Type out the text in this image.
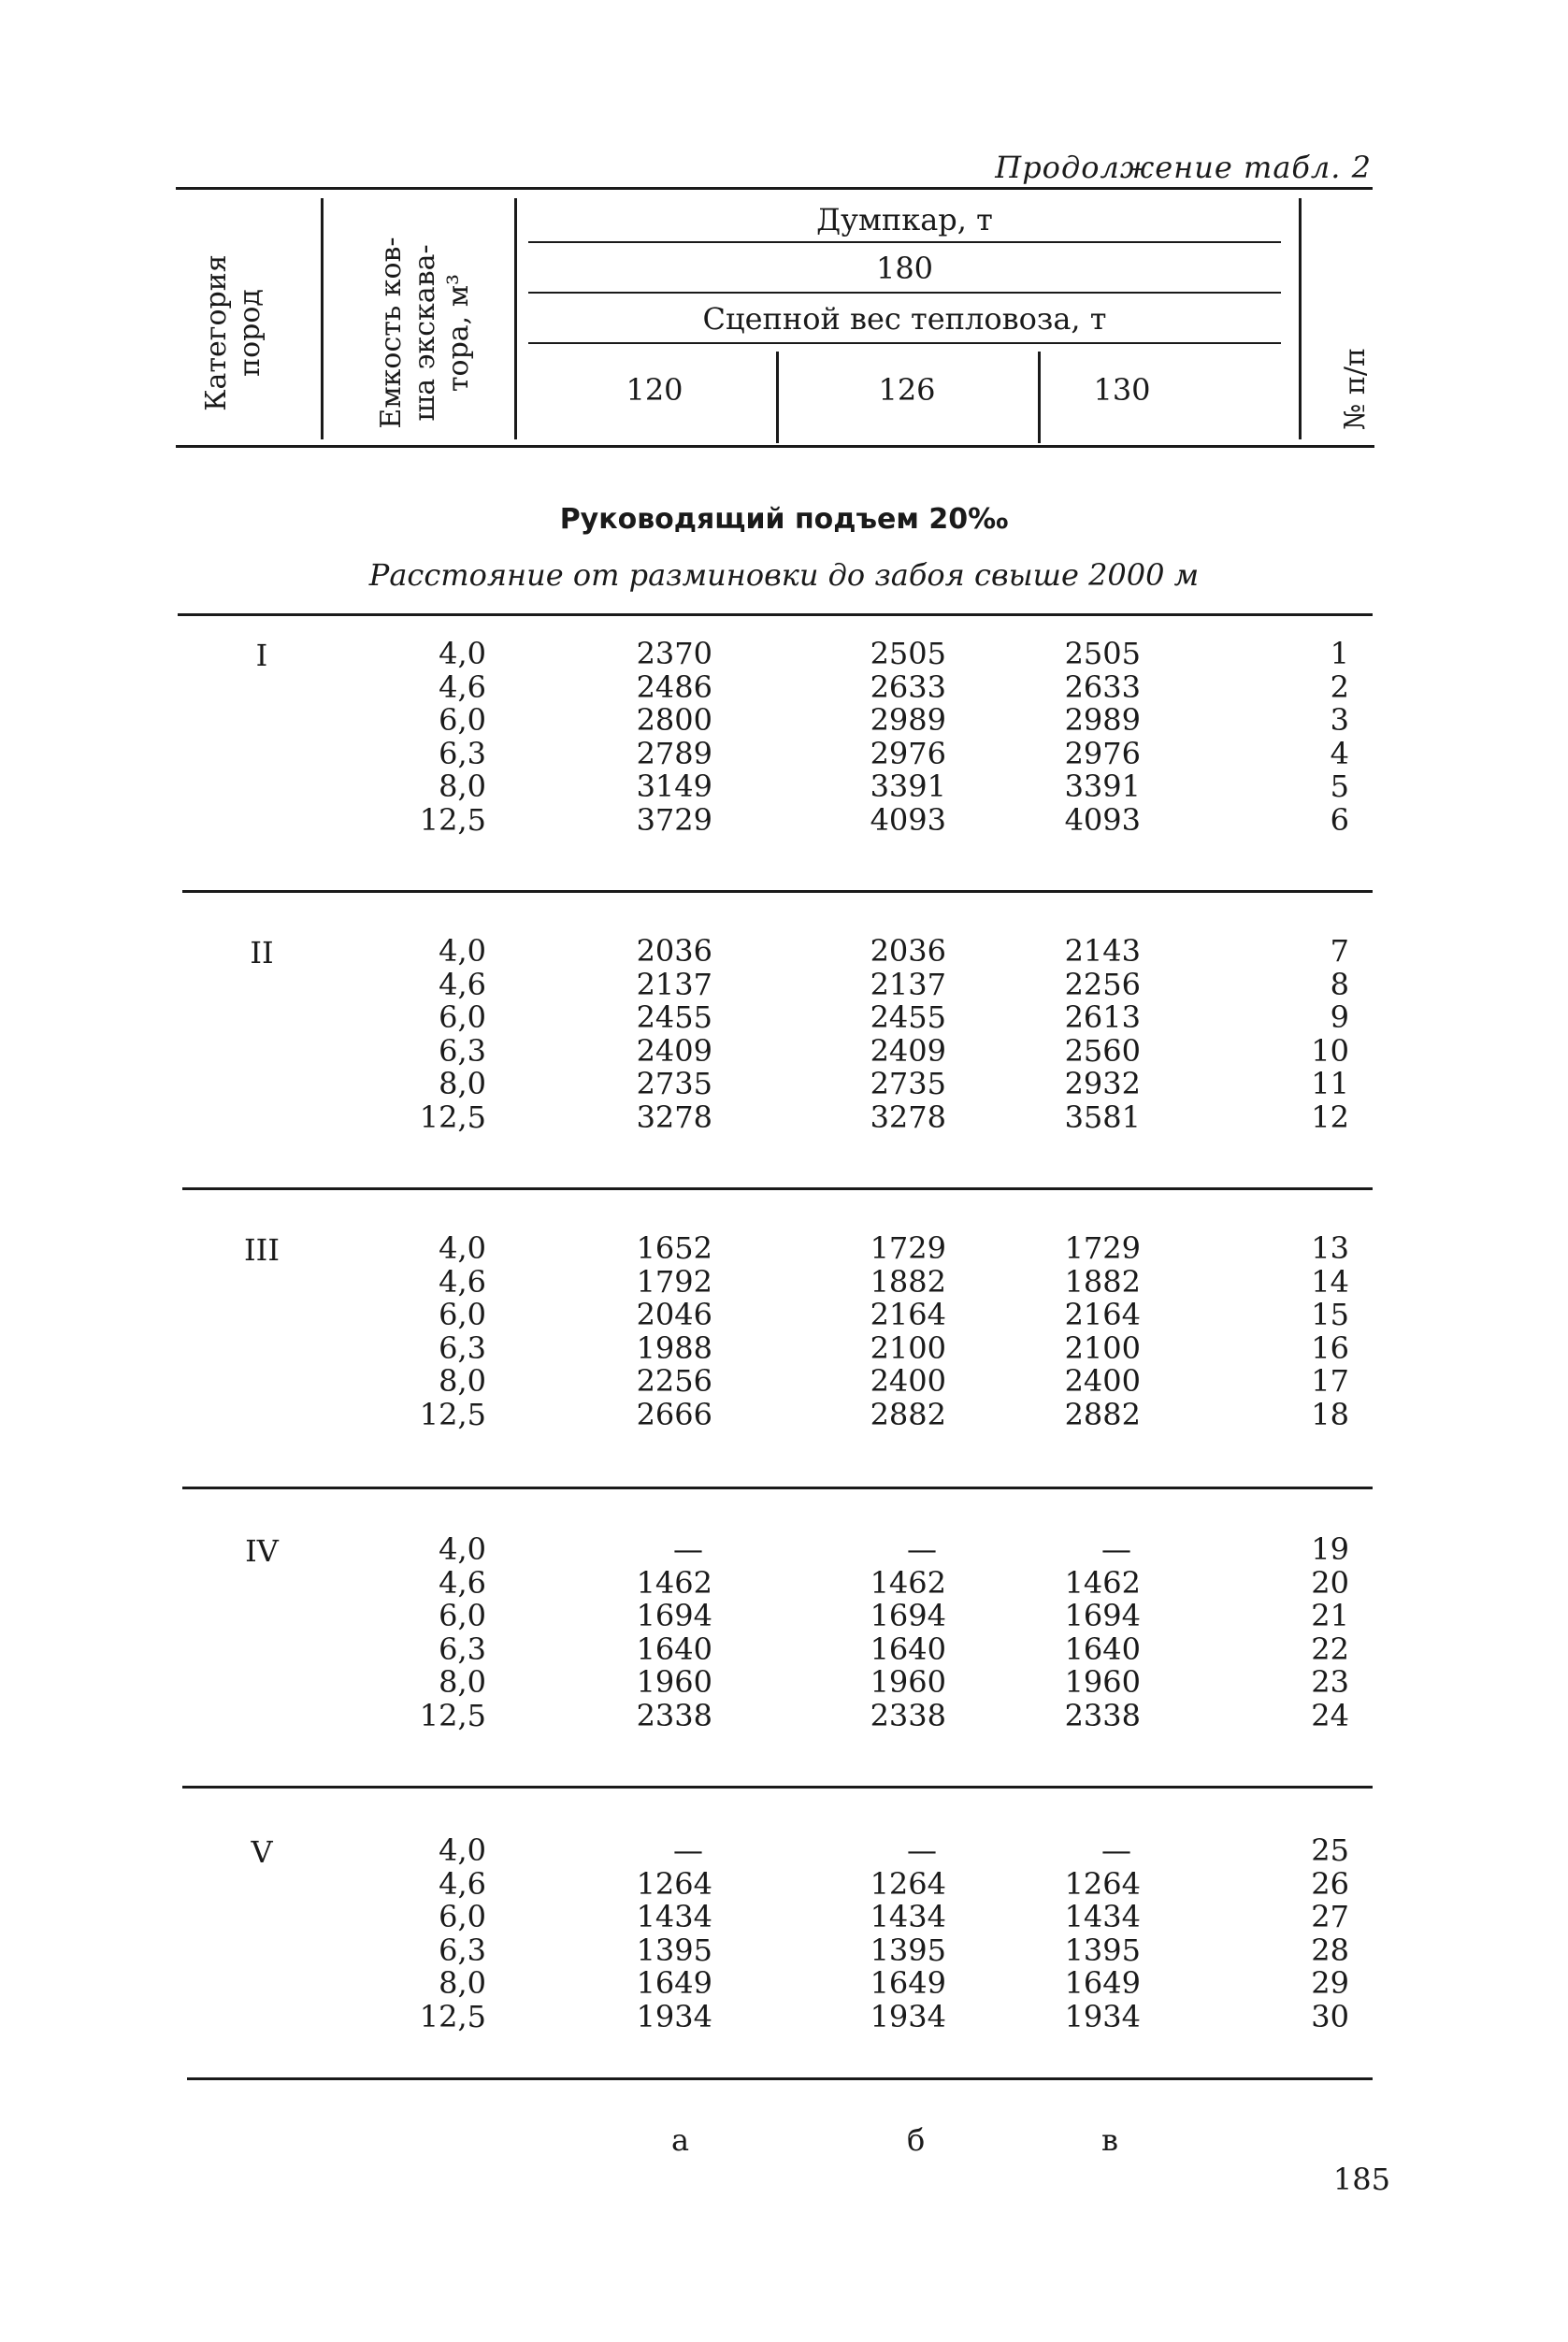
Продолжение табл. 2
Категория пород	Емкость ков- ша экскава- тора, м³	№ п/п
Думпкар, т
180
Сцепной вес тепловоза, т
120	126	130
Руководящий подъем 20‰
Расстояние от разминовки до забоя свыше 2000 м
I	4,0	2370	2505	2505	1
4,6	2486	2633	2633	2
6,0	2800	2989	2989	3
6,3	2789	2976	2976	4
8,0	3149	3391	3391	5
12,5	3729	4093	4093	6
II	4,0	2036	2036	2143	7
4,6	2137	2137	2256	8
6,0	2455	2455	2613	9
6,3	2409	2409	2560	10
8,0	2735	2735	2932	11
12,5	3278	3278	3581	12
III	4,0	1652	1729	1729	13
4,6	1792	1882	1882	14
6,0	2046	2164	2164	15
6,3	1988	2100	2100	16
8,0	2256	2400	2400	17
12,5	2666	2882	2882	18
IV	4,0	—	—	—	19
4,6	1462	1462	1462	20
6,0	1694	1694	1694	21
6,3	1640	1640	1640	22
8,0	1960	1960	1960	23
12,5	2338	2338	2338	24
V	4,0	—	—	—	25
4,6	1264	1264	1264	26
6,0	1434	1434	1434	27
6,3	1395	1395	1395	28
8,0	1649	1649	1649	29
12,5	1934	1934	1934	30
а	б	в
185
